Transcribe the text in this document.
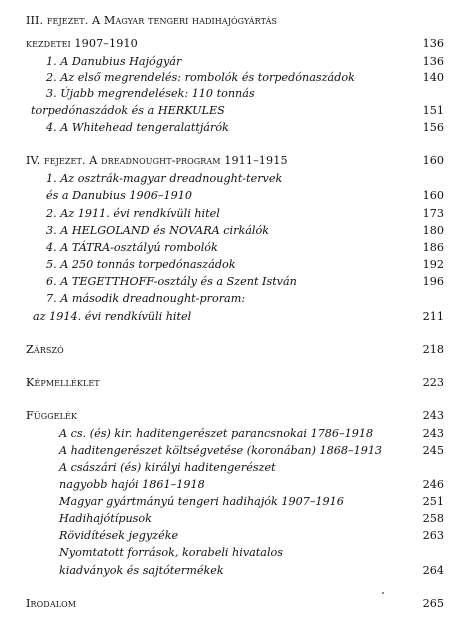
III. fejezet. A Magyar tengeri hadihajógyártás
kezdetei 1907–1910	136
1. A Danubius Hajógyár	136
2. Az első megrendelés: rombolók és torpedónaszádok	140
3. Újabb megrendelések: 110 tonnás
torpedónaszádok és a HERKULES	151
4. A Whitehead tengeralattjárók	156
IV. fejezet. A dreadnought-program 1911–1915	160
1. Az osztrák-magyar dreadnought-tervek
és a Danubius 1906–1910	160
2. Az 1911. évi rendkívüli hitel	173
3. A HELGOLAND és NOVARA cirkálók	180
4. A TÁTRA-osztályú rombolók	186
5. A 250 tonnás torpedónaszádok	192
6. A TEGETTHOFF-osztály és a Szent István	196
7. A második dreadnought-proram:
az 1914. évi rendkívüli hitel	211
Zárszó	218
Képmelléklet	223
Függelék	243
A cs. (és) kir. haditengerészet parancsnokai 1786–1918	243
A haditengerészet költségvetése (koronában) 1868–1913	245
A császári (és) királyi haditengerészet
nagyobb hajói 1861–1918	246
Magyar gyártmányú tengeri hadihajók 1907–1916	251
Hadihajótípusok	258
Rövidítések jegyzéke	263
Nyomtatott források, korabeli hivatalos
kiadványok és sajtótermékek	264
Irodalom	265
